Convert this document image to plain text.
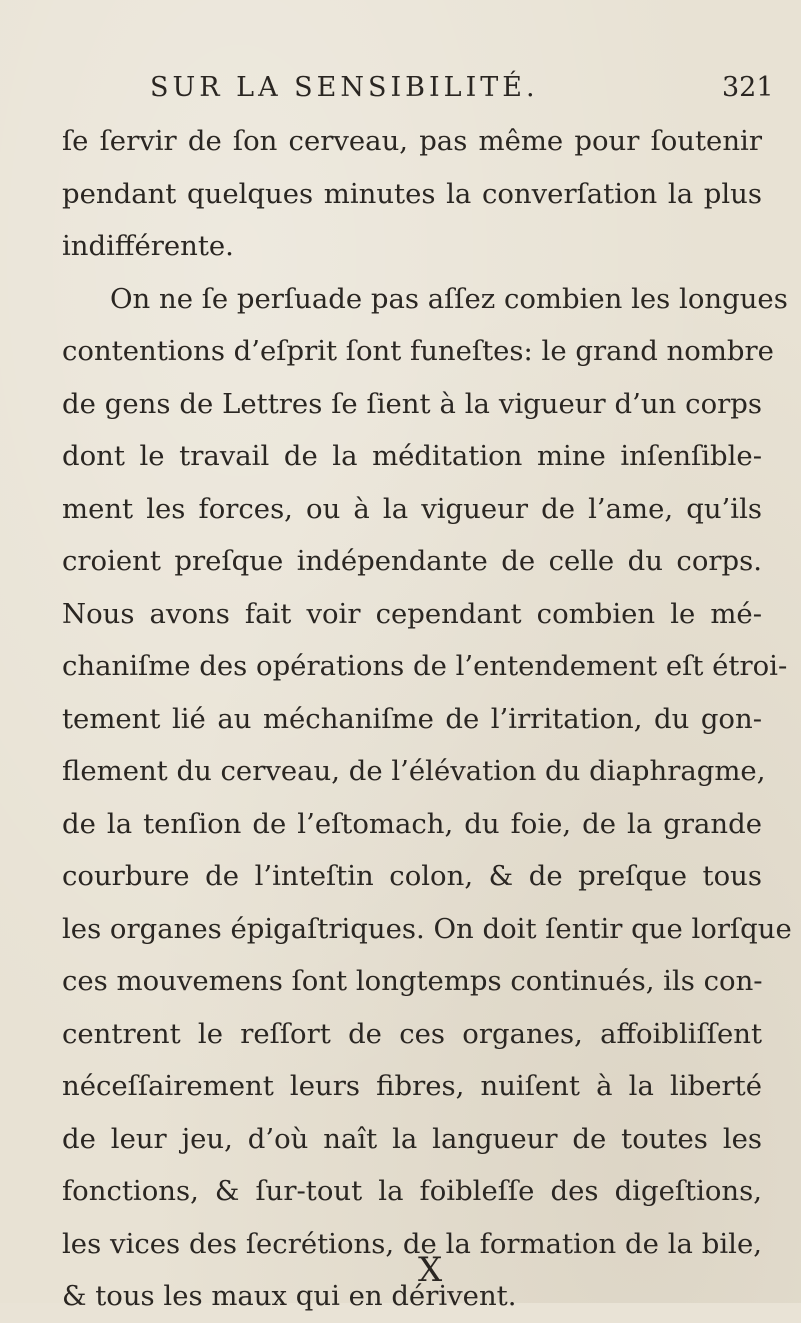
SUR LA SENSIBILITÉ.	321
ſe ſervir de ſon cerveau, pas même pour ſoutenir
pendant quelques minutes la converſation la plus
indifférente.
On ne ſe perſuade pas aſſez combien les longues
contentions d’eſprit ſont funeſtes: le grand nombre
de gens de Lettres ſe ſient à la vigueur d’un corps
dont le travail de la méditation mine inſenſible-
ment les forces, ou à la vigueur de l’ame, qu’ils
croient preſque indépendante de celle du corps.
Nous avons fait voir cependant combien le mé-
chaniſme des opérations de l’entendement eſt étroi-
tement lié au méchaniſme de l’irritation, du gon-
flement du cerveau, de l’élévation du diaphragme,
de la tenſion de l’eſtomach, du foie, de la grande
courbure de l’inteſtin colon, & de preſque tous
les organes épigaſtriques. On doit ſentir que lorſque
ces mouvemens ſont longtemps continués, ils con-
centrent le reſſort de ces organes, affoibliſſent
néceſſairement leurs fibres, nuiſent à la liberté
de leur jeu, d’où naît la langueur de toutes les
fonctions, & ſur-tout la foibleſſe des digeſtions,
les vices des ſecrétions, de la formation de la bile,
& tous les maux qui en dérivent.
X
